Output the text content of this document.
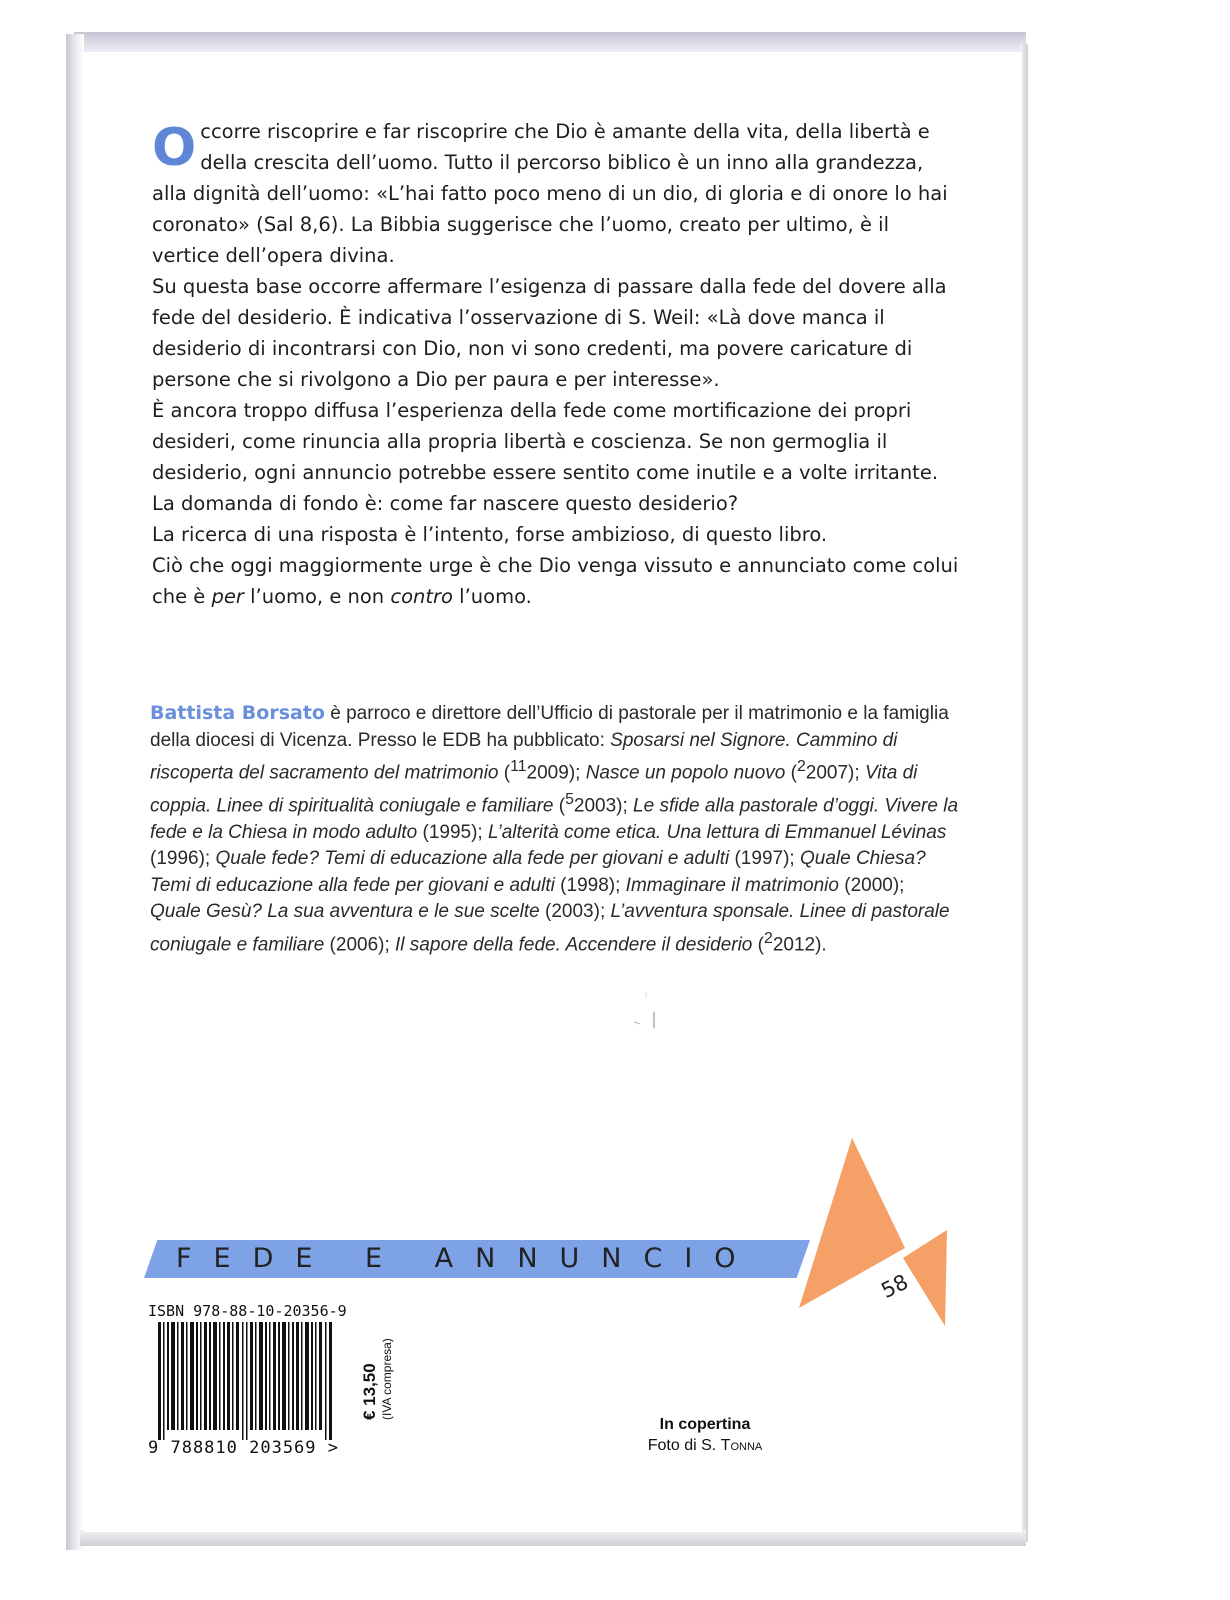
Occorre riscoprire e far riscoprire che Dio è amante della vita, della libertà e della crescita dell’uomo. Tutto il percorso biblico è un inno alla grandezza, alla dignità dell’uomo: «L’hai fatto poco meno di un dio, di gloria e di onore lo hai coronato» (Sal 8,6). La Bibbia suggerisce che l’uomo, creato per ultimo, è il vertice dell’opera divina.

Su questa base occorre affermare l’esigenza di passare dalla fede del dovere alla fede del desiderio. È indicativa l’osservazione di S. Weil: «Là dove manca il desiderio di incontrarsi con Dio, non vi sono credenti, ma povere caricature di persone che si rivolgono a Dio per paura e per interesse».

È ancora troppo diffusa l’esperienza della fede come mortificazione dei propri desideri, come rinuncia alla propria libertà e coscienza. Se non germoglia il desiderio, ogni annuncio potrebbe essere sentito come inutile e a volte irritante.

La domanda di fondo è: come far nascere questo desiderio?

La ricerca di una risposta è l’intento, forse ambizioso, di questo libro.

Ciò che oggi maggiormente urge è che Dio venga vissuto e annunciato come colui che è per l’uomo, e non contro l’uomo.

Battista Borsato è parroco e direttore dell’Ufficio di pastorale per il matrimonio e la famiglia della diocesi di Vicenza. Presso le EDB ha pubblicato: Sposarsi nel Signore. Cammino di riscoperta del sacramento del matrimonio ($^{11}$2009); Nasce un popolo nuovo ($^2$2007); Vita di coppia. Linee di spiritualità coniugale e familiare ($^5$2003); Le sfide alla pastorale d’oggi. Vivere la fede e la Chiesa in modo adulto (1995); L’alterità come etica. Una lettura di Emmanuel Lévinas (1996); Quale fede? Temi di educazione alla fede per giovani e adulti (1997); Quale Chiesa? Temi di educazione alla fede per giovani e adulti (1998); Immaginare il matrimonio (2000); Quale Gesù? La sua avventura e le sue scelte (2003); L’avventura sponsale. Linee di pastorale coniugale e familiare (2006); Il sapore della fede. Accendere il desiderio ($^2$2012).
FEDE E ANNUNCIO
58
ISBN 978-88-10-20356-9
9 788810 203569 >
€ 13,50 (IVA compresa)
In copertina
Foto di S. Tonna
